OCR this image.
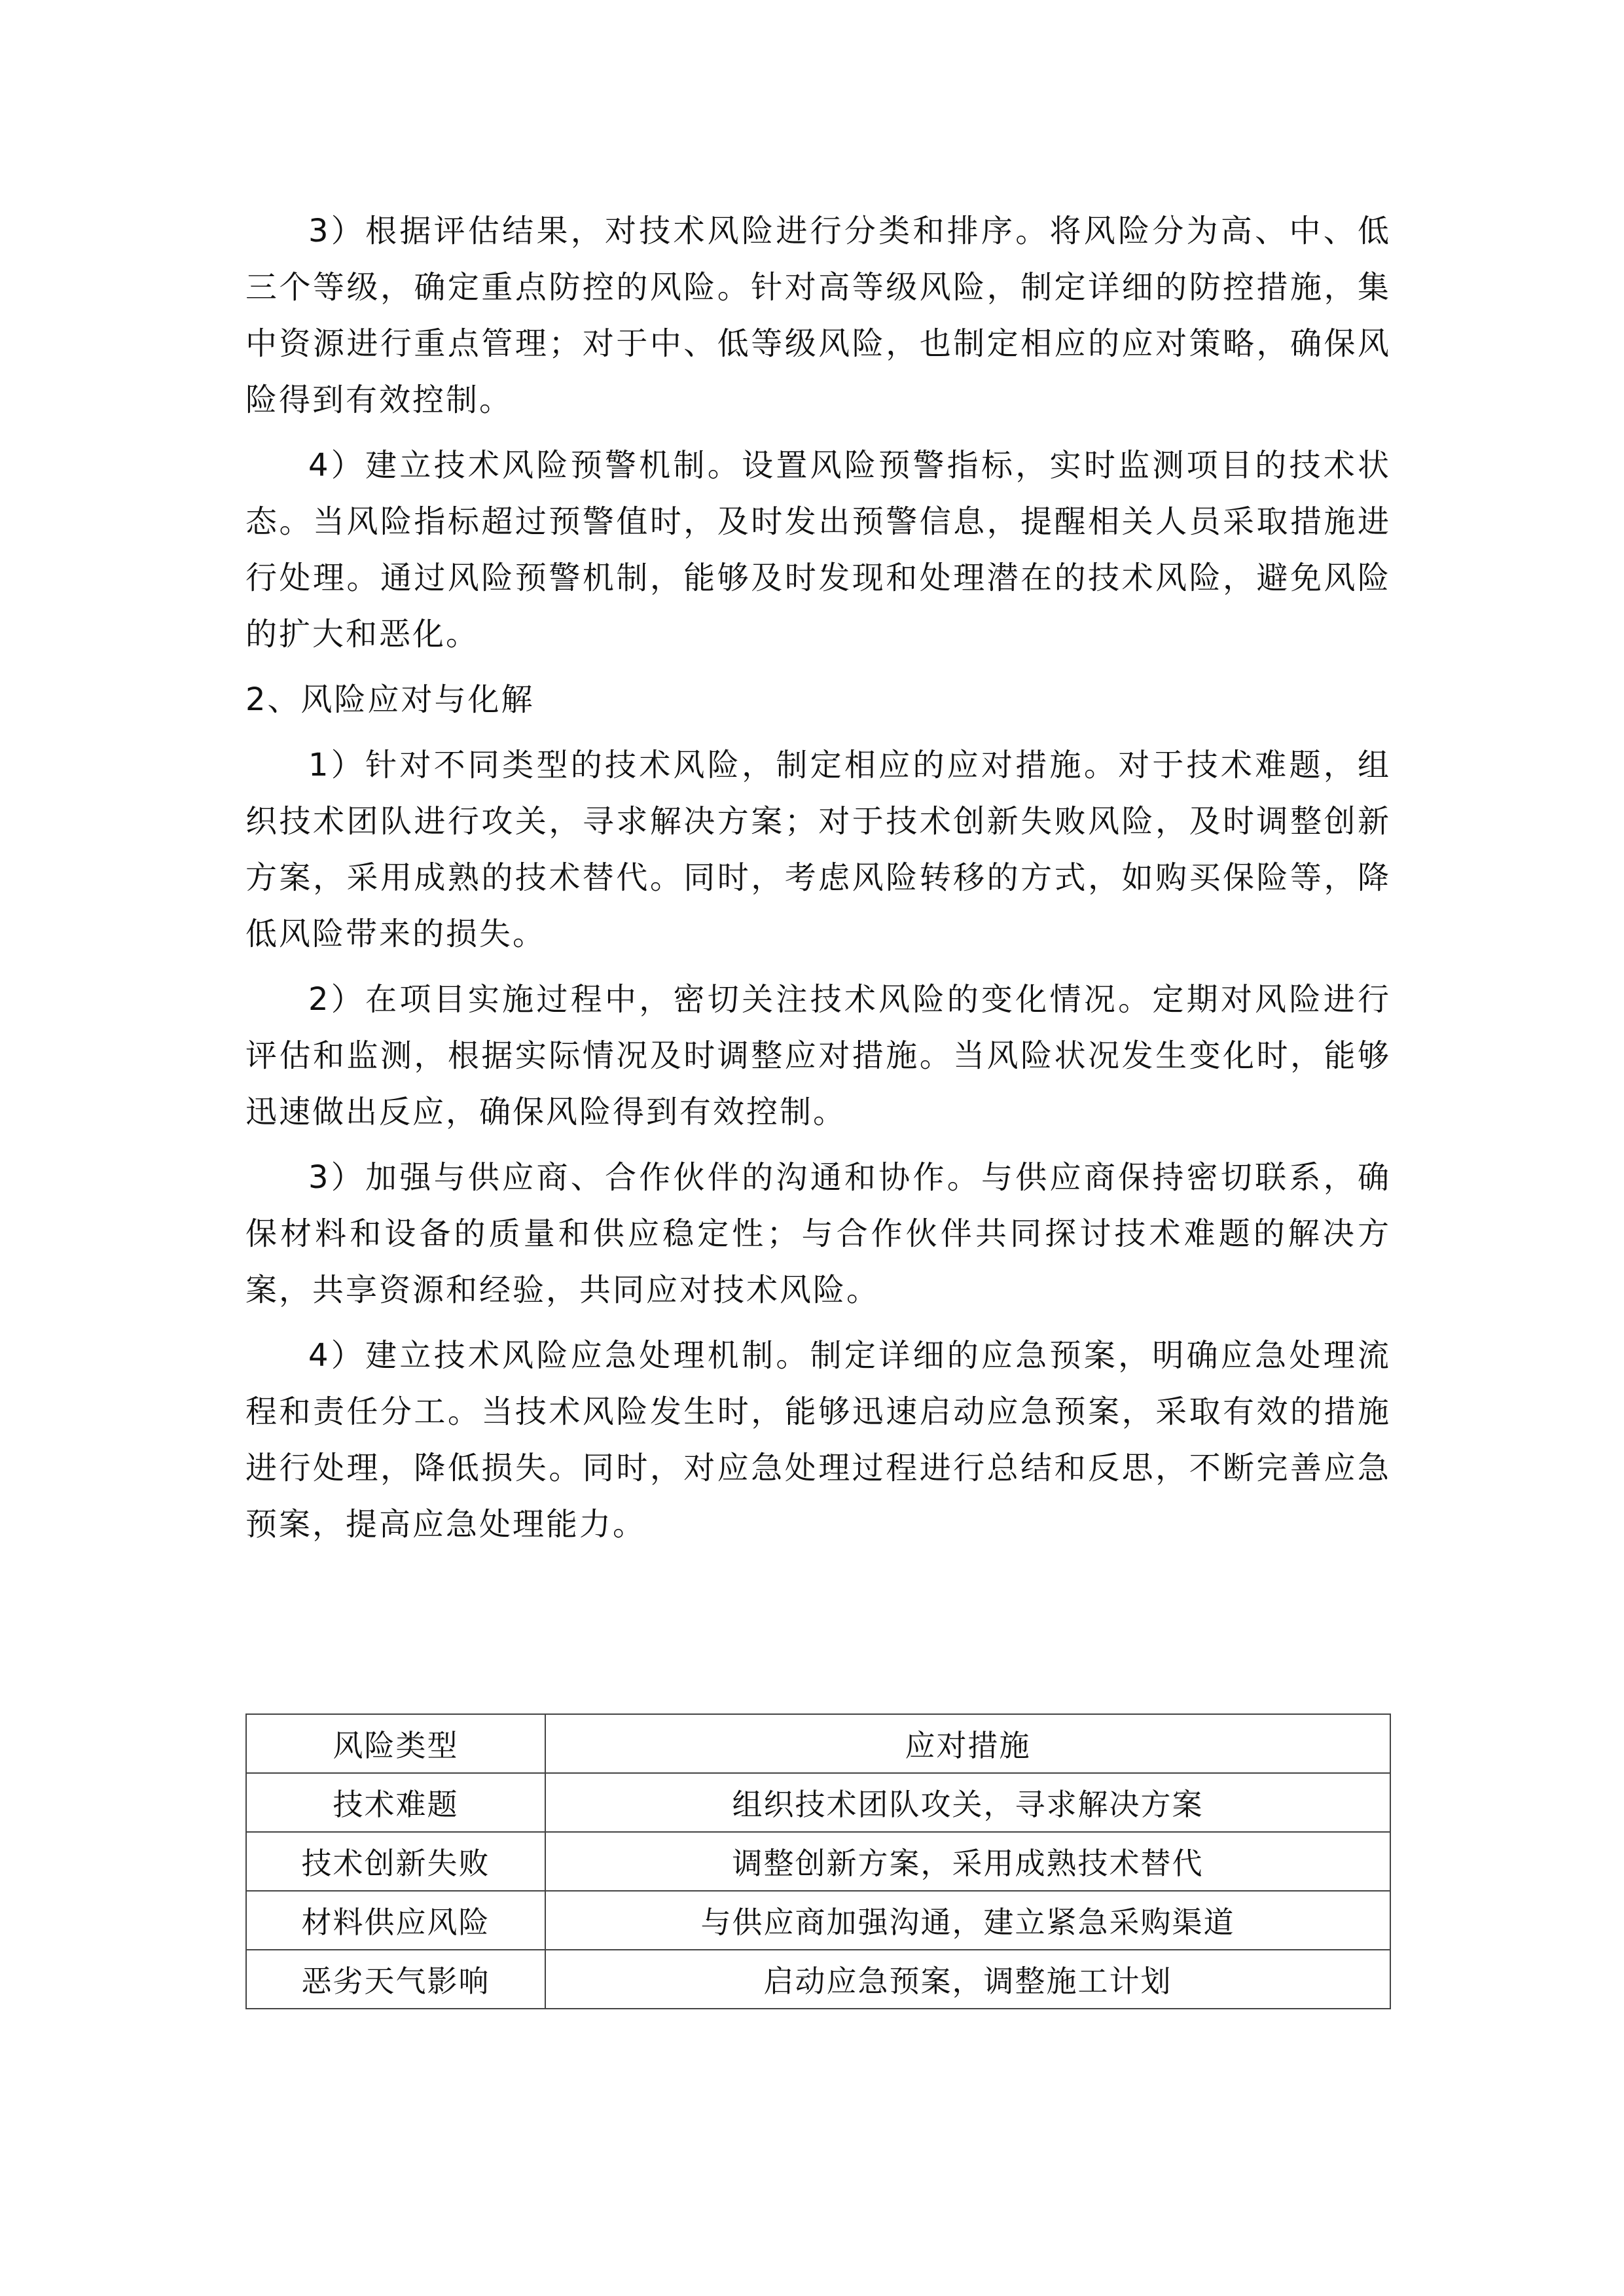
3）根据评估结果，对技术风险进行分类和排序。将风险分为高、中、低三个等级，确定重点防控的风险。针对高等级风险，制定详细的防控措施，集中资源进行重点管理；对于中、低等级风险，也制定相应的应对策略，确保风险得到有效控制。

4）建立技术风险预警机制。设置风险预警指标，实时监测项目的技术状态。当风险指标超过预警值时，及时发出预警信息，提醒相关人员采取措施进行处理。通过风险预警机制，能够及时发现和处理潜在的技术风险，避免风险的扩大和恶化。

2、风险应对与化解

1）针对不同类型的技术风险，制定相应的应对措施。对于技术难题，组织技术团队进行攻关，寻求解决方案；对于技术创新失败风险，及时调整创新方案，采用成熟的技术替代。同时，考虑风险转移的方式，如购买保险等，降低风险带来的损失。

2）在项目实施过程中，密切关注技术风险的变化情况。定期对风险进行评估和监测，根据实际情况及时调整应对措施。当风险状况发生变化时，能够迅速做出反应，确保风险得到有效控制。

3）加强与供应商、合作伙伴的沟通和协作。与供应商保持密切联系，确保材料和设备的质量和供应稳定性；与合作伙伴共同探讨技术难题的解决方案，共享资源和经验，共同应对技术风险。

4）建立技术风险应急处理机制。制定详细的应急预案，明确应急处理流程和责任分工。当技术风险发生时，能够迅速启动应急预案，采取有效的措施进行处理，降低损失。同时，对应急处理过程进行总结和反思，不断完善应急预案，提高应急处理能力。

风险类型	应对措施
技术难题	组织技术团队攻关，寻求解决方案
技术创新失败	调整创新方案，采用成熟技术替代
材料供应风险	与供应商加强沟通，建立紧急采购渠道
恶劣天气影响	启动应急预案，调整施工计划
